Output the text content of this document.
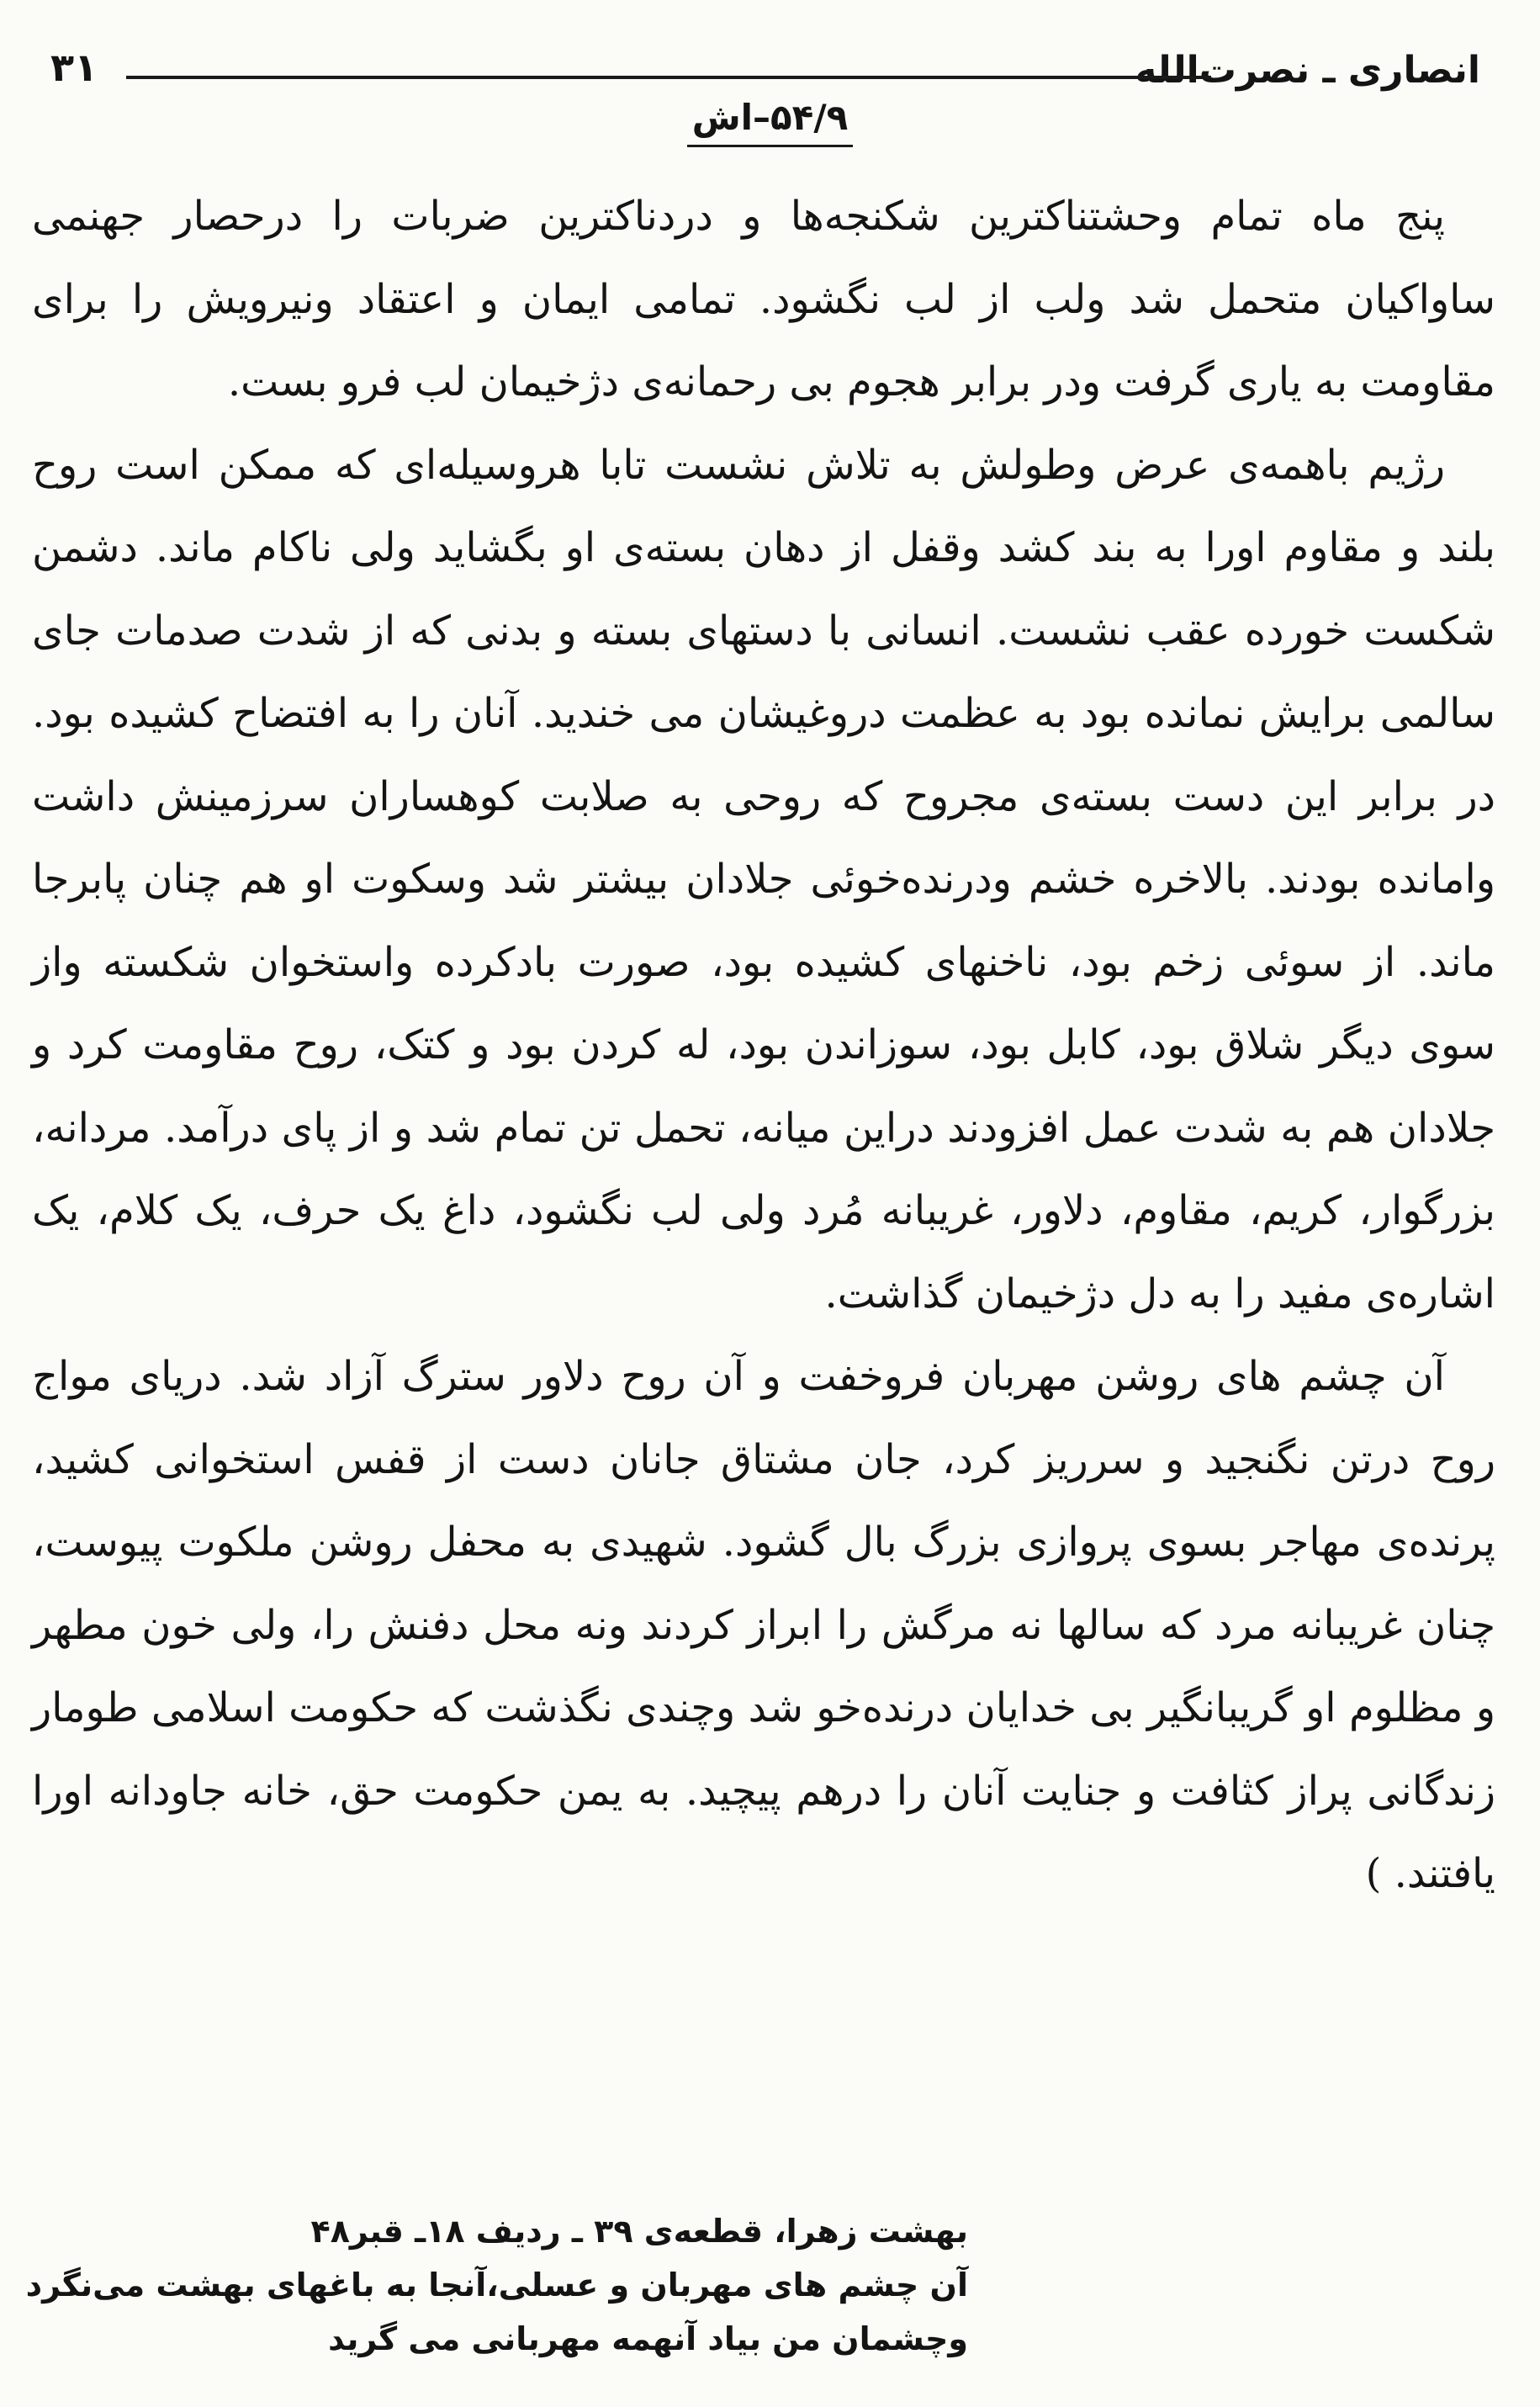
انصاری ـ نصرت‌الله
۳۱
۵۴/۹–اش

پنج ماه تمام وحشتناکترین شکنجه‌ها و دردناکترین ضربات را درحصار جهنمی ساواکیان متحمل شد ولب از لب نگشود. تمامی ایمان و اعتقاد ونیرویش را برای مقاومت به یاری گرفت ودر برابر هجوم بی رحمانه‌ی دژخیمان لب فرو بست.

رژیم باهمه‌ی عرض وطولش به تلاش نشست تابا هروسیله‌ای که ممکن است روح بلند و مقاوم اورا به بند کشد وقفل از دهان بسته‌ی او بگشاید ولی ناکام ماند. دشمن شکست خورده عقب نشست. انسانی با دستهای بسته و بدنی که از شدت صدمات جای سالمی برایش نمانده بود به عظمت دروغیشان می خندید. آنان را به افتضاح کشیده بود. در برابر این دست بسته‌ی مجروح که روحی به صلابت کوهساران سرزمینش داشت وامانده بودند. بالاخره خشم ودرنده‌خوئی جلادان بیشتر شد وسکوت او هم چنان پابرجا ماند. از سوئی زخم بود، ناخنهای کشیده بود، صورت بادکرده واستخوان شکسته واز سوی دیگر شلاق بود، کابل بود، سوزاندن بود، له کردن بود و کتک، روح مقاومت کرد و جلادان هم به شدت عمل افزودند دراین میانه، تحمل تن تمام شد و از پای درآمد. مردانه، بزرگوار، کریم، مقاوم، دلاور، غریبانه مُرد ولی لب نگشود، داغ یک حرف، یک کلام، یک اشاره‌ی مفید را به دل دژخیمان گذاشت.

آن چشم های روشن مهربان فروخفت و آن روح دلاور سترگ آزاد شد. دریای مواج روح درتن نگنجید و سرریز کرد، جان مشتاق جانان دست از قفس استخوانی کشید، پرنده‌ی مهاجر بسوی پروازی بزرگ بال گشود. شهیدی به محفل روشن ملکوت پیوست، چنان غریبانه مرد که سالها نه مرگش را ابراز کردند ونه محل دفنش را، ولی خون مطهر و مظلوم او گریبانگیر بی خدایان درنده‌خو شد وچندی نگذشت که حکومت اسلامی طومار زندگانی پراز کثافت و جنایت آنان را درهم پیچید. به یمن حکومت حق، خانه جاودانه اورا یافتند. )

بهشت زهرا، قطعه‌ی ۳۹ ـ ردیف ۱۸ـ قبر۴۸
آن چشم های مهربان و عسلی،آنجا به باغهای بهشت می‌نگرد
وچشمان من بیاد آنهمه مهربانی می گرید
